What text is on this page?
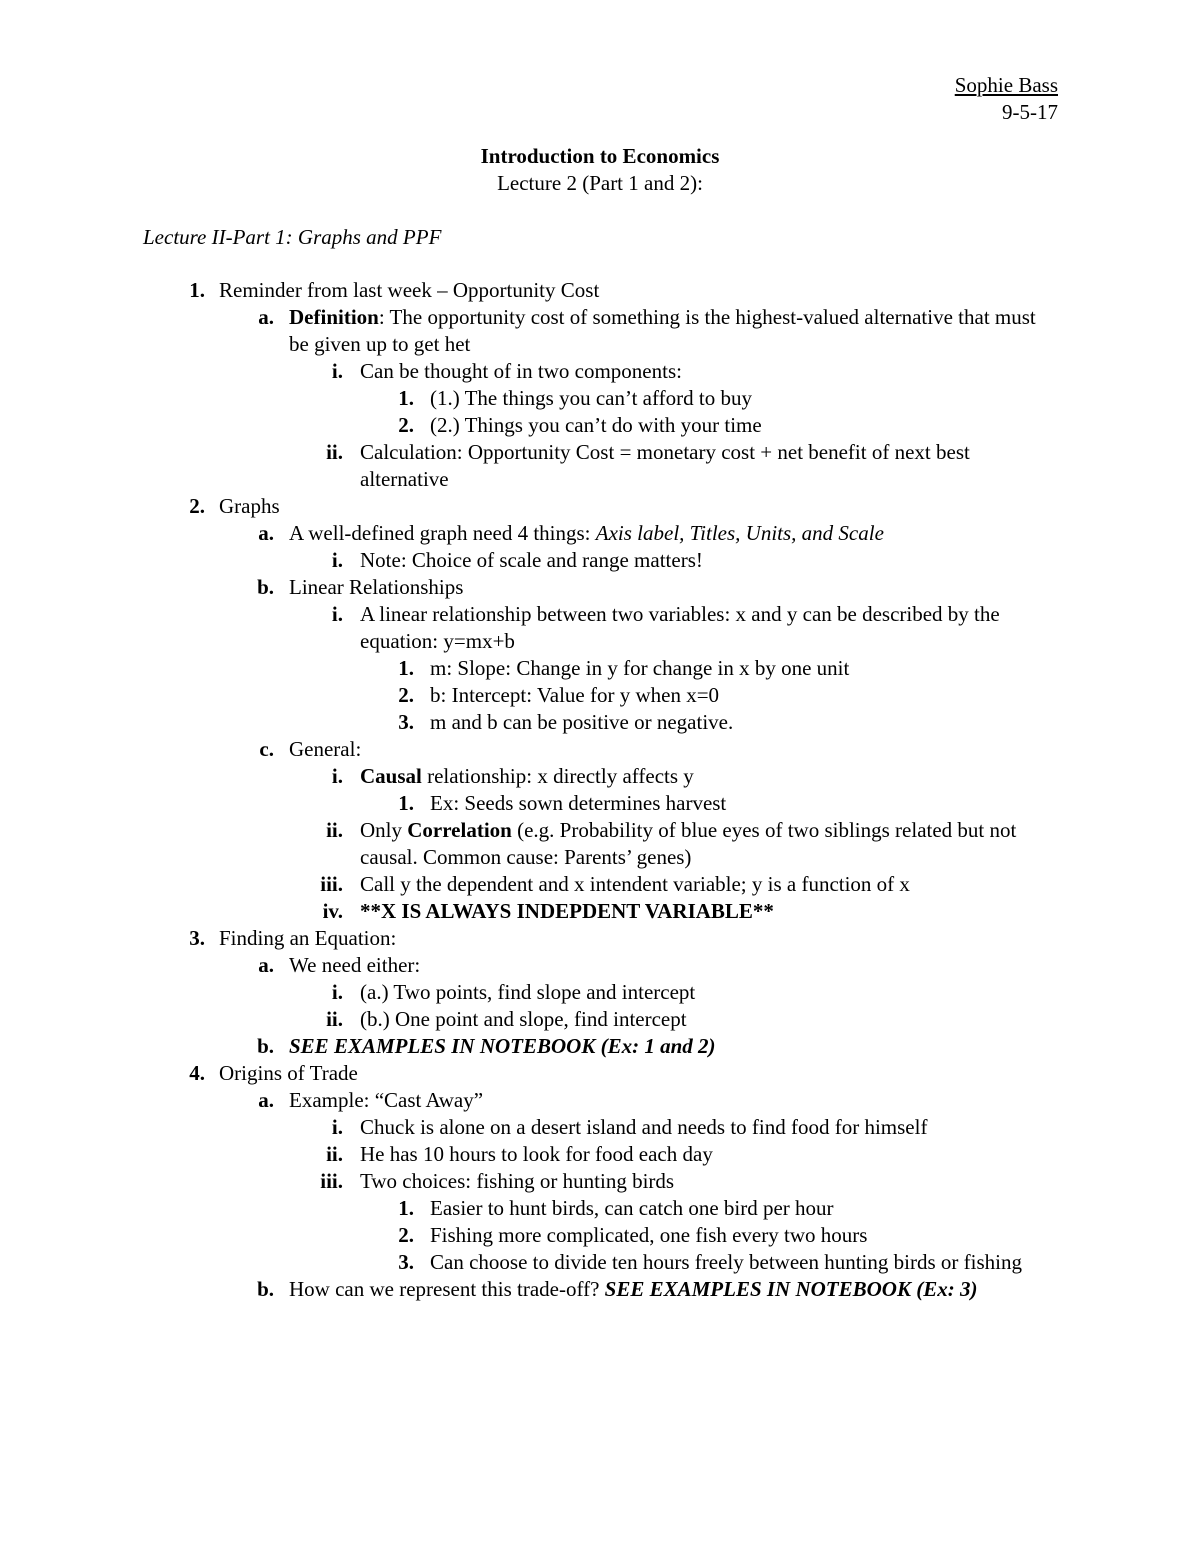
Sophie Bass
9-5-17
Introduction to Economics
Lecture 2 (Part 1 and 2):
Lecture II-Part 1: Graphs and PPF
1. Reminder from last week – Opportunity Cost
a. Definition: The opportunity cost of something is the highest-valued alternative that must be given up to get het
i. Can be thought of in two components:
1. (1.) The things you can’t afford to buy
2. (2.) Things you can’t do with your time
ii. Calculation: Opportunity Cost = monetary cost + net benefit of next best alternative
2. Graphs
a. A well-defined graph need 4 things: Axis label, Titles, Units, and Scale
i. Note: Choice of scale and range matters!
b. Linear Relationships
i. A linear relationship between two variables: x and y can be described by the equation: y=mx+b
1. m: Slope: Change in y for change in x by one unit
2. b: Intercept: Value for y when x=0
3. m and b can be positive or negative.
c. General:
i. Causal relationship: x directly affects y
1. Ex: Seeds sown determines harvest
ii. Only Correlation (e.g. Probability of blue eyes of two siblings related but not causal. Common cause: Parents’ genes)
iii. Call y the dependent and x intendent variable; y is a function of x
iv. **X IS ALWAYS INDEPDENT VARIABLE**
3. Finding an Equation:
a. We need either:
i. (a.) Two points, find slope and intercept
ii. (b.) One point and slope, find intercept
b. SEE EXAMPLES IN NOTEBOOK (Ex: 1 and 2)
4. Origins of Trade
a. Example: “Cast Away”
i. Chuck is alone on a desert island and needs to find food for himself
ii. He has 10 hours to look for food each day
iii. Two choices: fishing or hunting birds
1. Easier to hunt birds, can catch one bird per hour
2. Fishing more complicated, one fish every two hours
3. Can choose to divide ten hours freely between hunting birds or fishing
b. How can we represent this trade-off? SEE EXAMPLES IN NOTEBOOK (Ex: 3)
